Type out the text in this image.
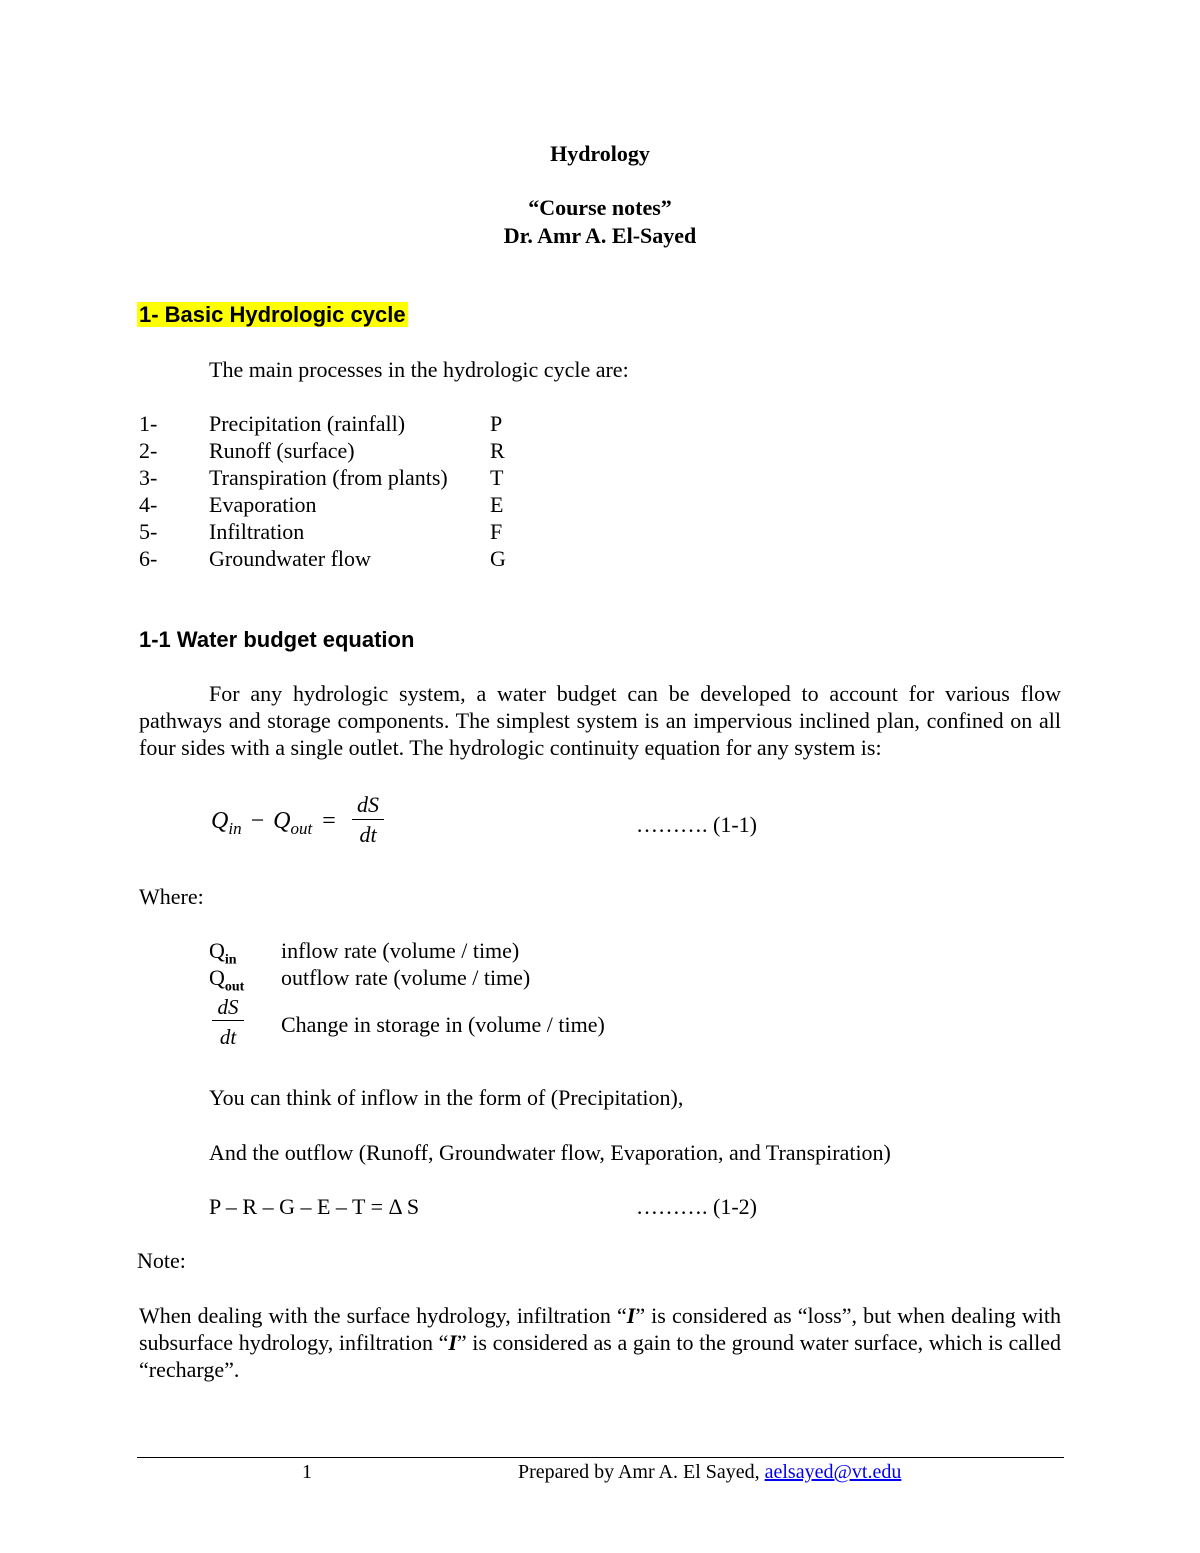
Hydrology
“Course notes”
Dr. Amr A. El-Sayed
1- Basic Hydrologic cycle
The main processes in the hydrologic cycle are:
1- Precipitation (rainfall)	P
2- Runoff (surface)	R
3- Transpiration (from plants) T
4- Evaporation	E
5- Infiltration	F
6- Groundwater flow	G
1-1 Water budget equation
For any hydrologic system, a water budget can be developed to account for various flow pathways and storage components. The simplest system is an impervious inclined plan, confined on all four sides with a single outlet. The hydrologic continuity equation for any system is:
$Q_{in} - Q_{out} = \frac{dS}{dt}$	………. (1-1)
Where:
$Q_{in}$ inflow rate (volume / time)
$Q_{out}$ outflow rate (volume / time)
$\frac{dS}{dt}$ Change in storage in (volume / time)
You can think of inflow in the form of (Precipitation),
And the outflow (Runoff, Groundwater flow, Evaporation, and Transpiration)
P – R – G – E – T = Δ S	………. (1-2)
Note:
When dealing with the surface hydrology, infiltration “I” is considered as “loss”, but when dealing with subsurface hydrology, infiltration “I” is considered as a gain to the ground water surface, which is called “recharge”.
1	Prepared by Amr A. El Sayed, aelsayed@vt.edu
